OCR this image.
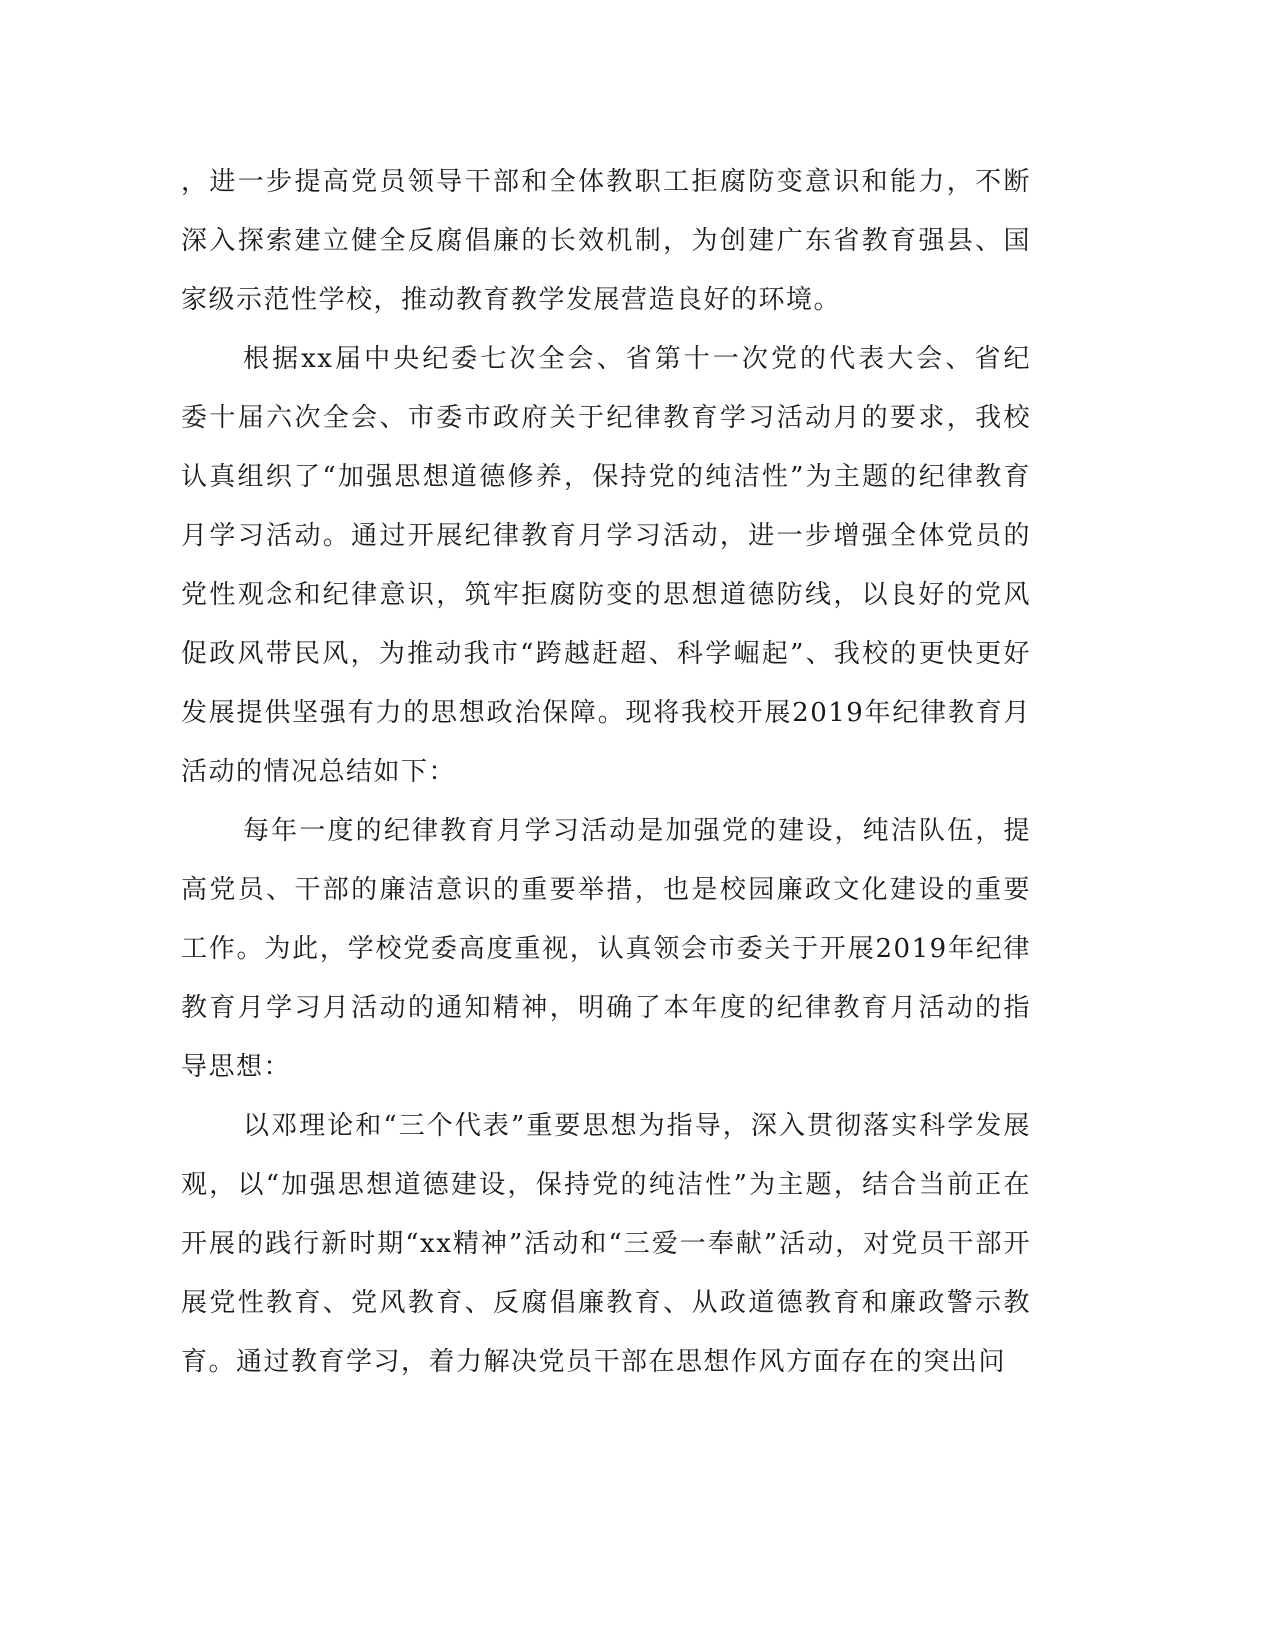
，进一步提高党员领导干部和全体教职工拒腐防变意识和能力，不断
深入探索建立健全反腐倡廉的长效机制，为创建广东省教育强县、国
家级示范性学校，推动教育教学发展营造良好的环境。

根据xx届中央纪委七次全会、省第十一次党的代表大会、省纪
委十届六次全会、市委市政府关于纪律教育学习活动月的要求，我校
认真组织了“加强思想道德修养，保持党的纯洁性”为主题的纪律教育
月学习活动。通过开展纪律教育月学习活动，进一步增强全体党员的
党性观念和纪律意识，筑牢拒腐防变的思想道德防线，以良好的党风
促政风带民风，为推动我市“跨越赶超、科学崛起”、我校的更快更好
发展提供坚强有力的思想政治保障。现将我校开展2019年纪律教育月
活动的情况总结如下：

每年一度的纪律教育月学习活动是加强党的建设，纯洁队伍，提
高党员、干部的廉洁意识的重要举措，也是校园廉政文化建设的重要
工作。为此，学校党委高度重视，认真领会市委关于开展2019年纪律
教育月学习月活动的通知精神，明确了本年度的纪律教育月活动的指
导思想：

以邓理论和“三个代表”重要思想为指导，深入贯彻落实科学发展
观，以“加强思想道德建设，保持党的纯洁性”为主题，结合当前正在
开展的践行新时期“xx精神”活动和“三爱一奉献”活动，对党员干部开
展党性教育、党风教育、反腐倡廉教育、从政道德教育和廉政警示教
育。通过教育学习，着力解决党员干部在思想作风方面存在的突出问
